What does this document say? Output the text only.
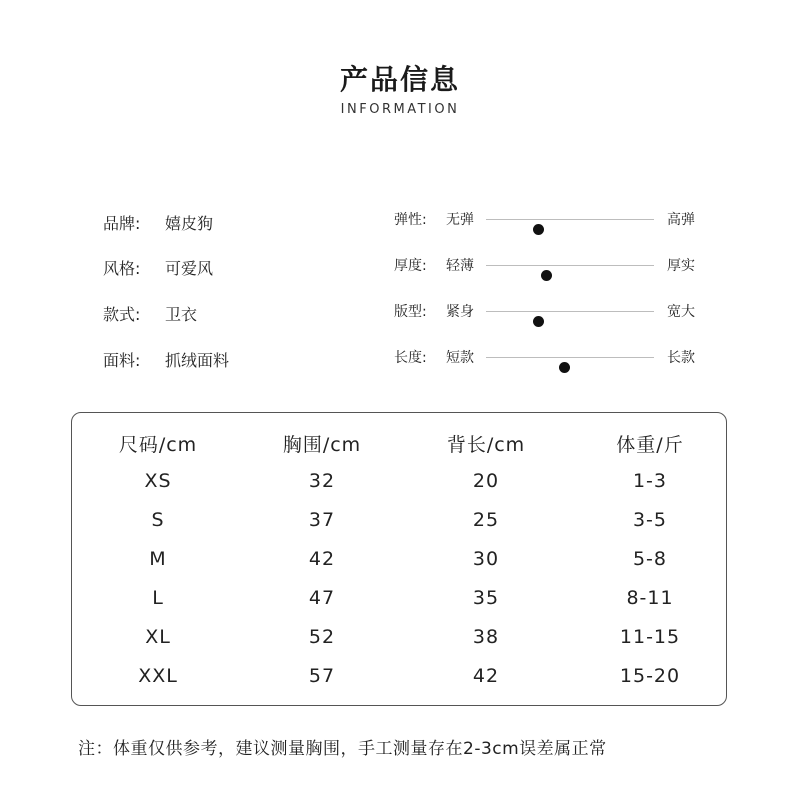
产品信息
INFORMATION
品牌: 嬉皮狗
风格: 可爱风
款式: 卫衣
面料: 抓绒面料
弹性: 无弹	高弹
厚度: 轻薄	厚实
版型: 紧身	宽大
长度: 短款	长款
尺码/cm	胸围/cm	背长/cm	体重/斤
XS	32	20	1-3
S	37	25	3-5
M	42	30	5-8
L	47	35	8-11
XL	52	38	11-15
XXL	57	42	15-20
注：体重仅供参考，建议测量胸围，手工测量存在2-3cm误差属正常
